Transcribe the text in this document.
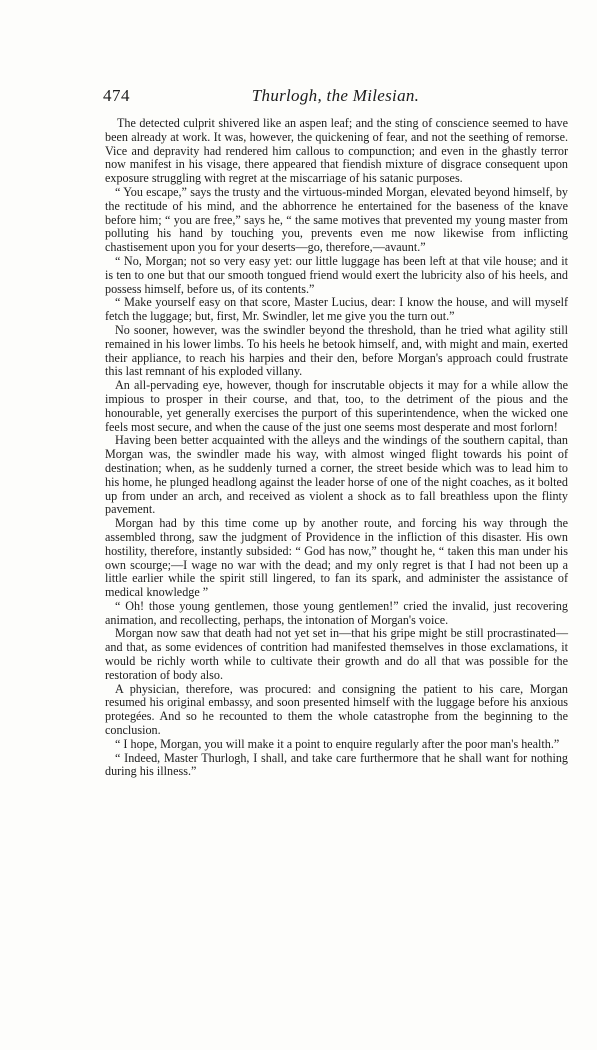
474	Thurlogh, the Milesian.

The detected culprit shivered like an aspen leaf; and the sting of conscience seemed to have been already at work. It was, however, the quickening of fear, and not the seething of remorse. Vice and depravity had rendered him callous to compunction; and even in the ghastly terror now manifest in his visage, there appeared that fiendish mixture of disgrace consequent upon exposure struggling with regret at the miscarriage of his satanic purposes.

“ You escape,” says the trusty and the virtuous-minded Morgan, elevated beyond himself, by the rectitude of his mind, and the abhorrence he entertained for the baseness of the knave before him; “ you are free,” says he, “ the same motives that prevented my young master from polluting his hand by touching you, prevents even me now likewise from inflicting chastisement upon you for your deserts—go, therefore,—avaunt.”

“ No, Morgan; not so very easy yet: our little luggage has been left at that vile house; and it is ten to one but that our smooth tongued friend would exert the lubricity also of his heels, and possess himself, before us, of its contents.”

“ Make yourself easy on that score, Master Lucius, dear: I know the house, and will myself fetch the luggage; but, first, Mr. Swindler, let me give you the turn out.”

No sooner, however, was the swindler beyond the threshold, than he tried what agility still remained in his lower limbs. To his heels he betook himself, and, with might and main, exerted their appliance, to reach his harpies and their den, before Morgan's approach could frustrate this last remnant of his exploded villany.

An all-pervading eye, however, though for inscrutable objects it may for a while allow the impious to prosper in their course, and that, too, to the detriment of the pious and the honourable, yet generally exercises the purport of this superintendence, when the wicked one feels most secure, and when the cause of the just one seems most desperate and most forlorn!

Having been better acquainted with the alleys and the windings of the southern capital, than Morgan was, the swindler made his way, with almost winged flight towards his point of destination; when, as he suddenly turned a corner, the street beside which was to lead him to his home, he plunged headlong against the leader horse of one of the night coaches, as it bolted up from under an arch, and received as violent a shock as to fall breathless upon the flinty pavement.

Morgan had by this time come up by another route, and forcing his way through the assembled throng, saw the judgment of Providence in the infliction of this disaster. His own hostility, therefore, instantly subsided: “ God has now,” thought he, “ taken this man under his own scourge;—I wage no war with the dead; and my only regret is that I had not been up a little earlier while the spirit still lingered, to fan its spark, and administer the assistance of medical knowledge ”

“ Oh! those young gentlemen, those young gentlemen!” cried the invalid, just recovering animation, and recollecting, perhaps, the intonation of Morgan's voice.

Morgan now saw that death had not yet set in—that his gripe might be still procrastinated—and that, as some evidences of contrition had manifested themselves in those exclamations, it would be richly worth while to cultivate their growth and do all that was possible for the restoration of body also.

A physician, therefore, was procured: and consigning the patient to his care, Morgan resumed his original embassy, and soon presented himself with the luggage before his anxious protegées. And so he recounted to them the whole catastrophe from the beginning to the conclusion.

“ I hope, Morgan, you will make it a point to enquire regularly after the poor man's health.”

“ Indeed, Master Thurlogh, I shall, and take care furthermore that he shall want for nothing during his illness.”
